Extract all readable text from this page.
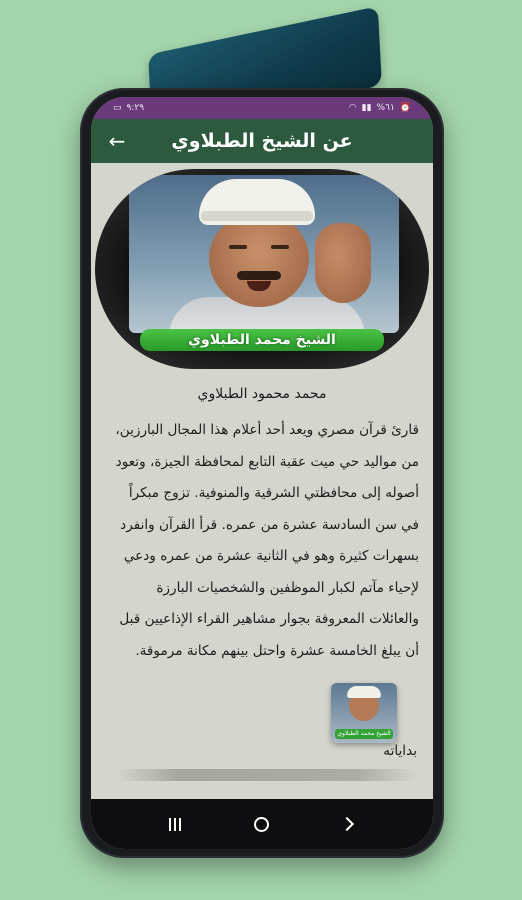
▭ ٩:٢٩	◠ ▮▮ %٦١ ⏰
عن الشيخ الطبلاوي
←
الشيخ محمد الطبلاوي
محمد محمود الطبلاوي

قارئ قرآن مصري ويعد أحد أعلام هذا المجال البارزين، من مواليد حي ميت عقبة التابع لمحافظة الجيزة، وتعود أصوله إلى محافظتي الشرقية والمنوفية. تزوج مبكراً في سن السادسة عشرة من عمره. قرأ القرآن وانفرد بسهرات كثيرة وهو في الثانية عشرة من عمره ودعي لإحياء مآتم لكبار الموظفين والشخصيات البارزة والعائلات المعروفة بجوار مشاهير القراء الإذاعيين قبل أن يبلغ الخامسة عشرة واحتل بينهم مكانة مرموقة.

الشيخ محمد الطبلاوي
بداياته
